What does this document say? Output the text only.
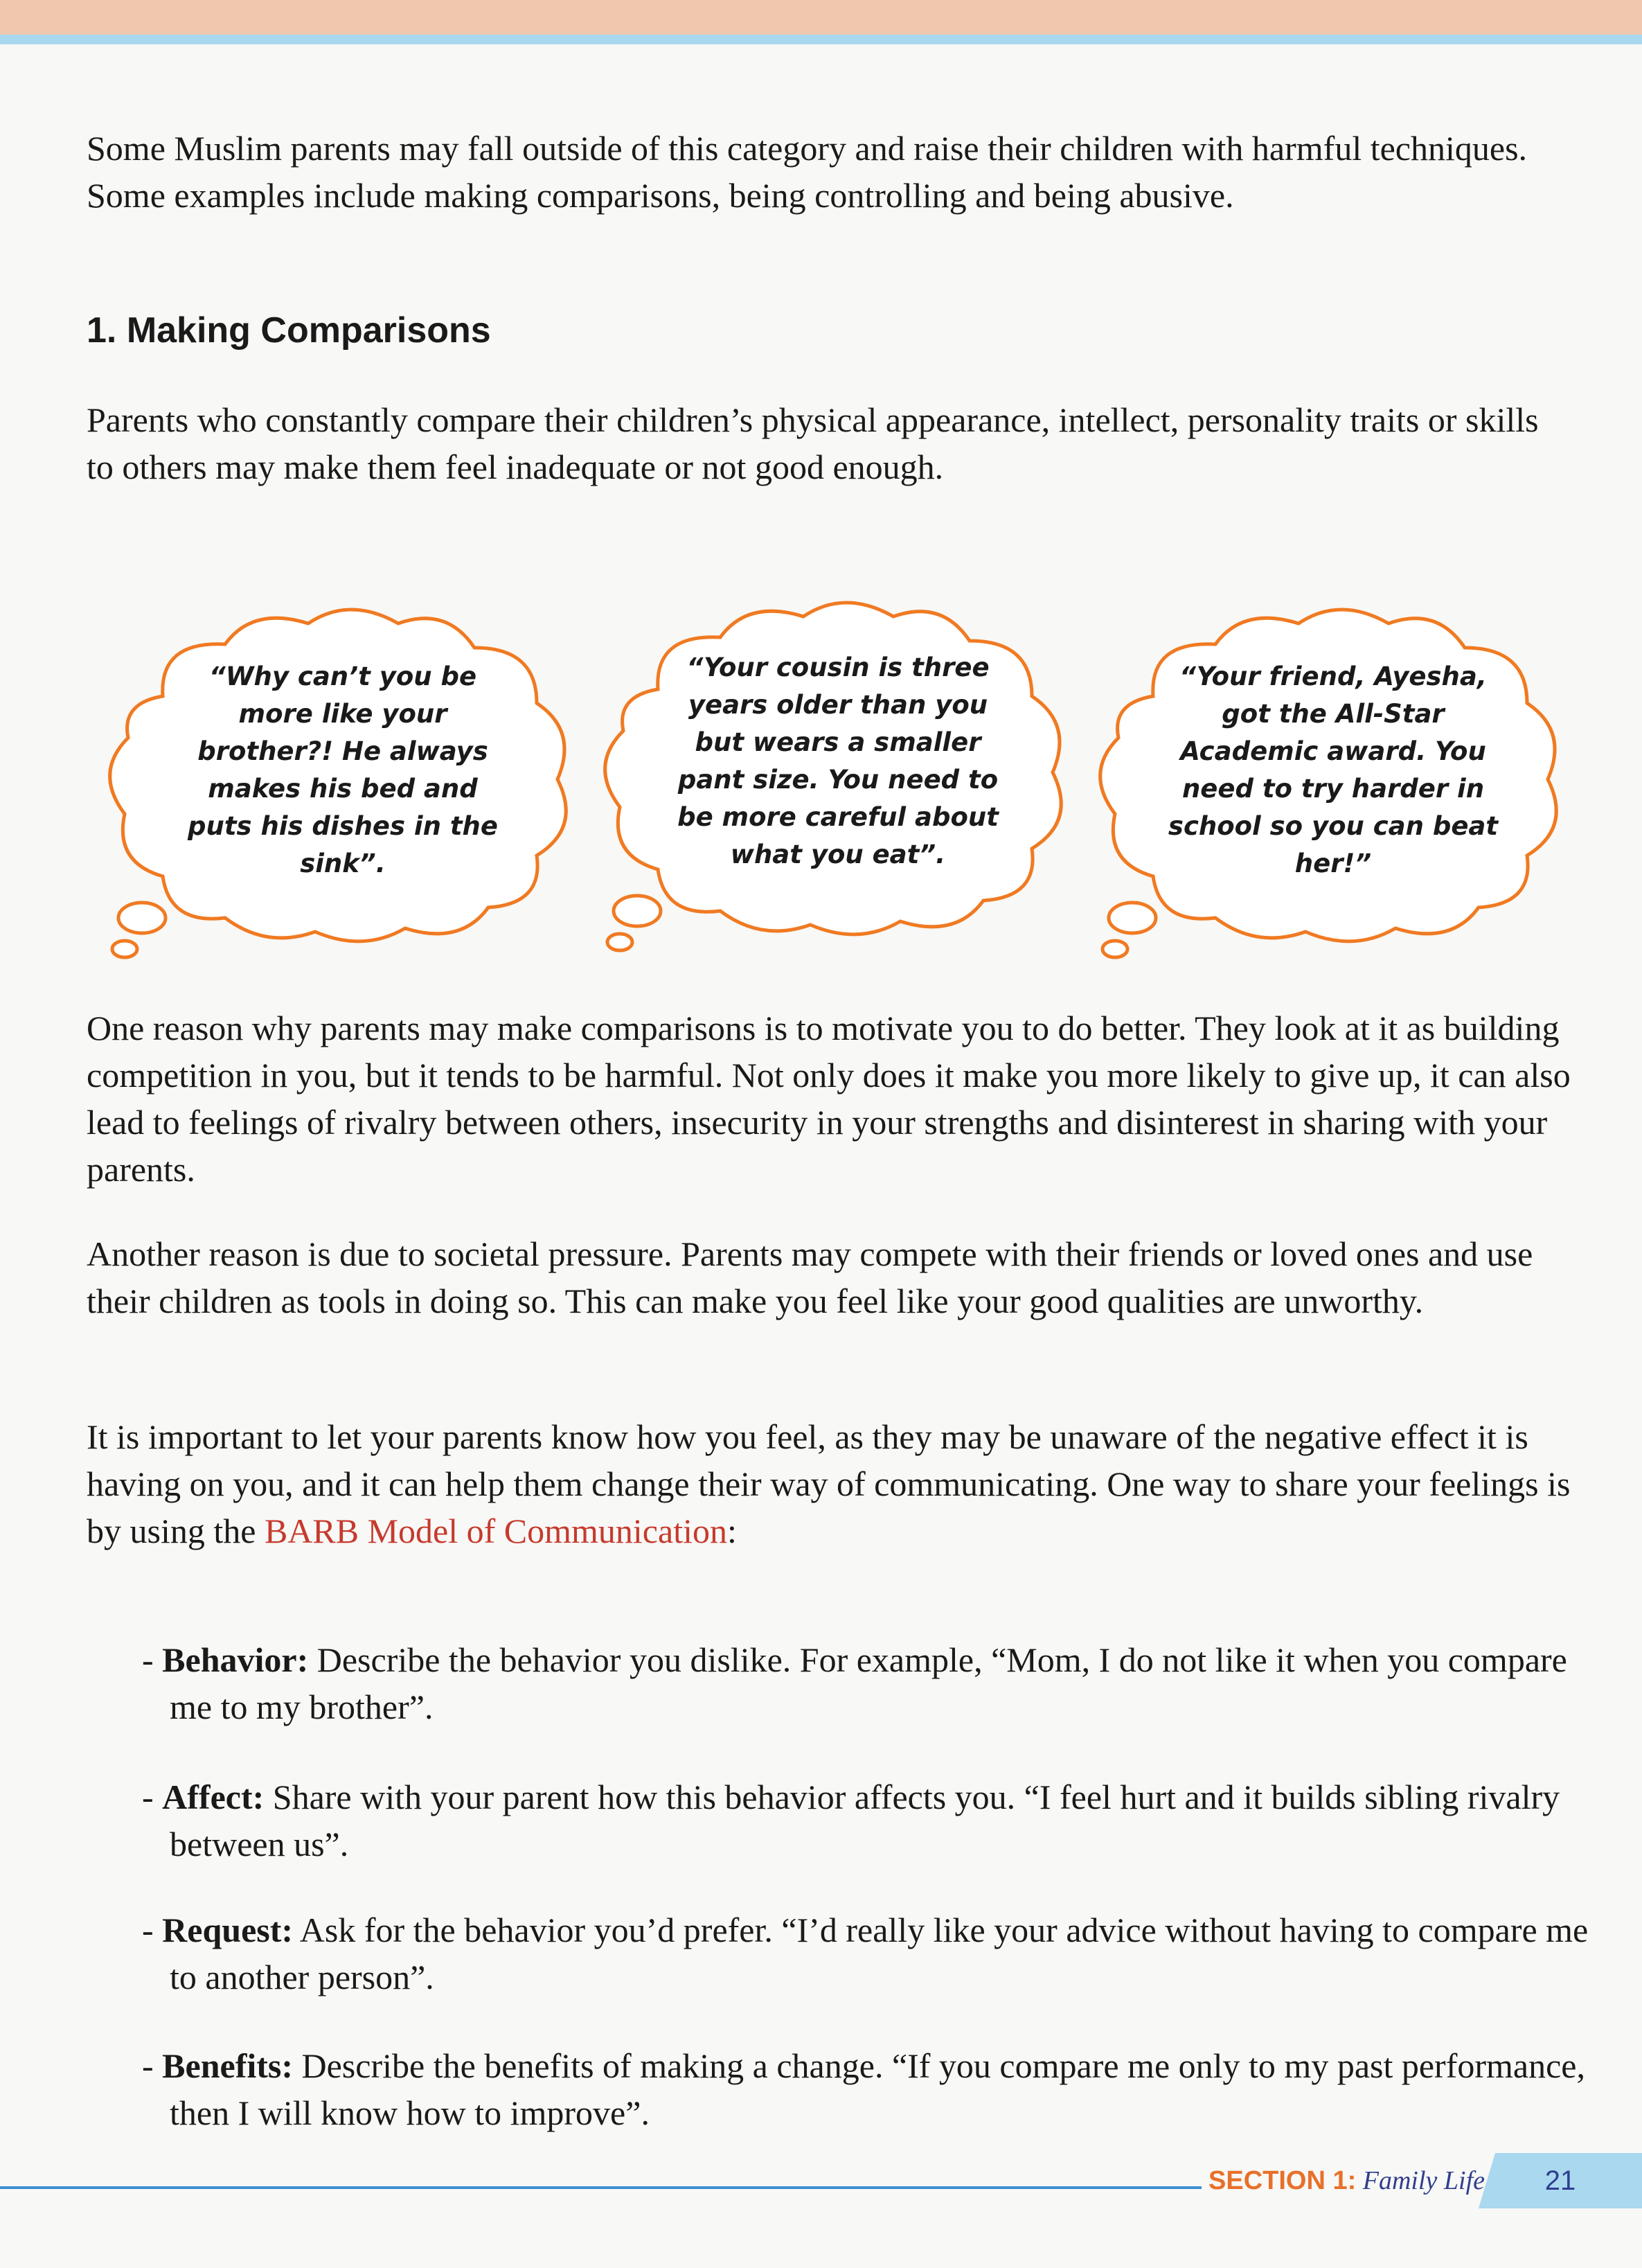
Some Muslim parents may fall outside of this category and raise their children with harmful techniques. Some examples include making comparisons, being controlling and being abusive.

1. Making Comparisons

Parents who constantly compare their children’s physical appearance, intellect, personality traits or skills to others may make them feel inadequate or not good enough.

“Why can’t you be more like your brother?! He always makes his bed and puts his dishes in the sink”.

“Your cousin is three years older than you but wears a smaller pant size. You need to be more careful about what you eat”.

“Your friend, Ayesha, got the All-Star Academic award. You need to try harder in school so you can beat her!”

One reason why parents may make comparisons is to motivate you to do better. They look at it as building competition in you, but it tends to be harmful. Not only does it make you more likely to give up, it can also lead to feelings of rivalry between others, insecurity in your strengths and disinterest in sharing with your parents.

Another reason is due to societal pressure. Parents may compete with their friends or loved ones and use their children as tools in doing so. This can make you feel like your good qualities are unworthy.

It is important to let your parents know how you feel, as they may be unaware of the negative effect it is having on you, and it can help them change their way of communicating. One way to share your feelings is by using the BARB Model of Communication:

- Behavior: Describe the behavior you dislike. For example, “Mom, I do not like it when you compare me to my brother”.

- Affect: Share with your parent how this behavior affects you. “I feel hurt and it builds sibling rivalry between us”.

- Request: Ask for the behavior you’d prefer. “I’d really like your advice without having to compare me to another person”.

- Benefits: Describe the benefits of making a change. “If you compare me only to my past performance, then I will know how to improve”.

SECTION 1: Family Life	21
